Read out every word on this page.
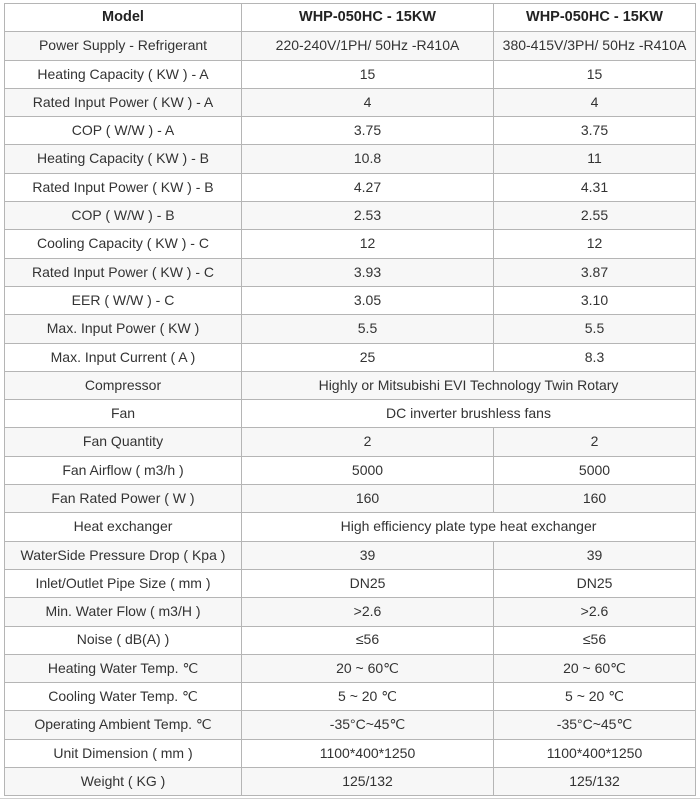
Model	WHP-050HC - 15KW	WHP-050HC - 15KW
Power Supply - Refrigerant	220-240V/1PH/ 50Hz -R410A	380-415V/3PH/ 50Hz -R410A
Heating Capacity ( KW ) - A	15	15
Rated Input Power ( KW ) - A	4	4
COP ( W/W ) - A	3.75	3.75
Heating Capacity ( KW ) - B	10.8	11
Rated Input Power ( KW ) - B	4.27	4.31
COP ( W/W ) - B	2.53	2.55
Cooling Capacity ( KW ) - C	12	12
Rated Input Power ( KW ) - C	3.93	3.87
EER ( W/W ) - C	3.05	3.10
Max. Input Power ( KW )	5.5	5.5
Max. Input Current ( A )	25	8.3
Compressor	Highly or Mitsubishi EVI Technology Twin Rotary	
Fan	DC inverter brushless fans	
Fan Quantity	2	2
Fan Airflow ( m3/h )	5000	5000
Fan Rated Power ( W )	160	160
Heat exchanger	High efficiency plate type heat exchanger	
WaterSide Pressure Drop ( Kpa )	39	39
Inlet/Outlet Pipe Size ( mm )	DN25	DN25
Min. Water Flow ( m3/H )	>2.6	>2.6
Noise ( dB(A) )	≤56	≤56
Heating Water Temp. ℃	20 ~ 60℃	20 ~ 60℃
Cooling Water Temp. ℃	5 ~ 20 ℃	5 ~ 20 ℃
Operating Ambient Temp. ℃	-35°C~45℃	-35°C~45℃
Unit Dimension ( mm )	1100*400*1250	1100*400*1250
Weight ( KG )	125/132	125/132
